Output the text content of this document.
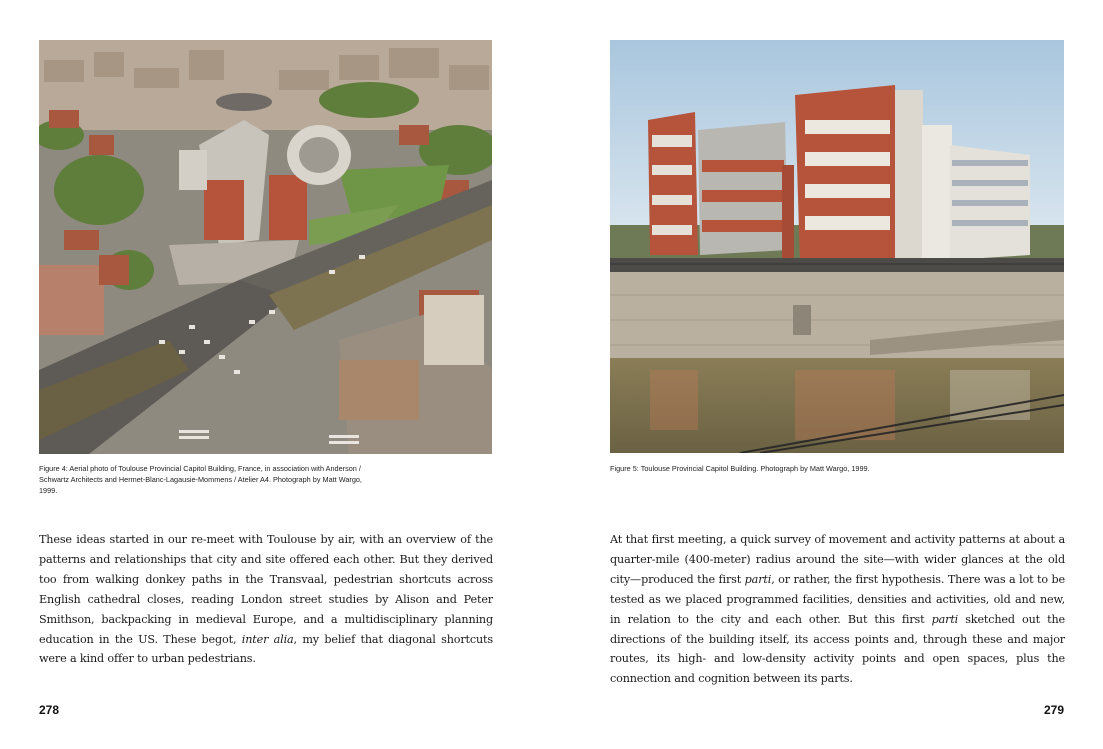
Figure 4: Aerial photo of Toulouse Provincial Capitol Building, France, in association with Anderson / Schwartz Architects and Hermet-Blanc-Lagausie-Mommens / Atelier A4. Photograph by Matt Wargo, 1999.

These ideas started in our re-meet with Toulouse by air, with an overview of the patterns and relationships that city and site offered each other. But they derived too from walking donkey paths in the Transvaal, pedestrian shortcuts across English cathedral closes, reading London street studies by Alison and Peter Smithson, backpacking in medieval Europe, and a multidisciplinary planning education in the US. These begot, inter alia, my belief that diagonal shortcuts were a kind offer to urban pedestrians.

278
Figure 5: Toulouse Provincial Capitol Building. Photograph by Matt Wargo, 1999.

At that first meeting, a quick survey of movement and activity patterns at about a quarter-mile (400-meter) radius around the site—with wider glances at the old city—produced the first parti, or rather, the first hypothesis. There was a lot to be tested as we placed programmed facilities, densities and activities, old and new, in relation to the city and each other. But this first parti sketched out the directions of the building itself, its access points and, through these and major routes, its high- and low-density activity points and open spaces, plus the connection and cognition between its parts.

279
